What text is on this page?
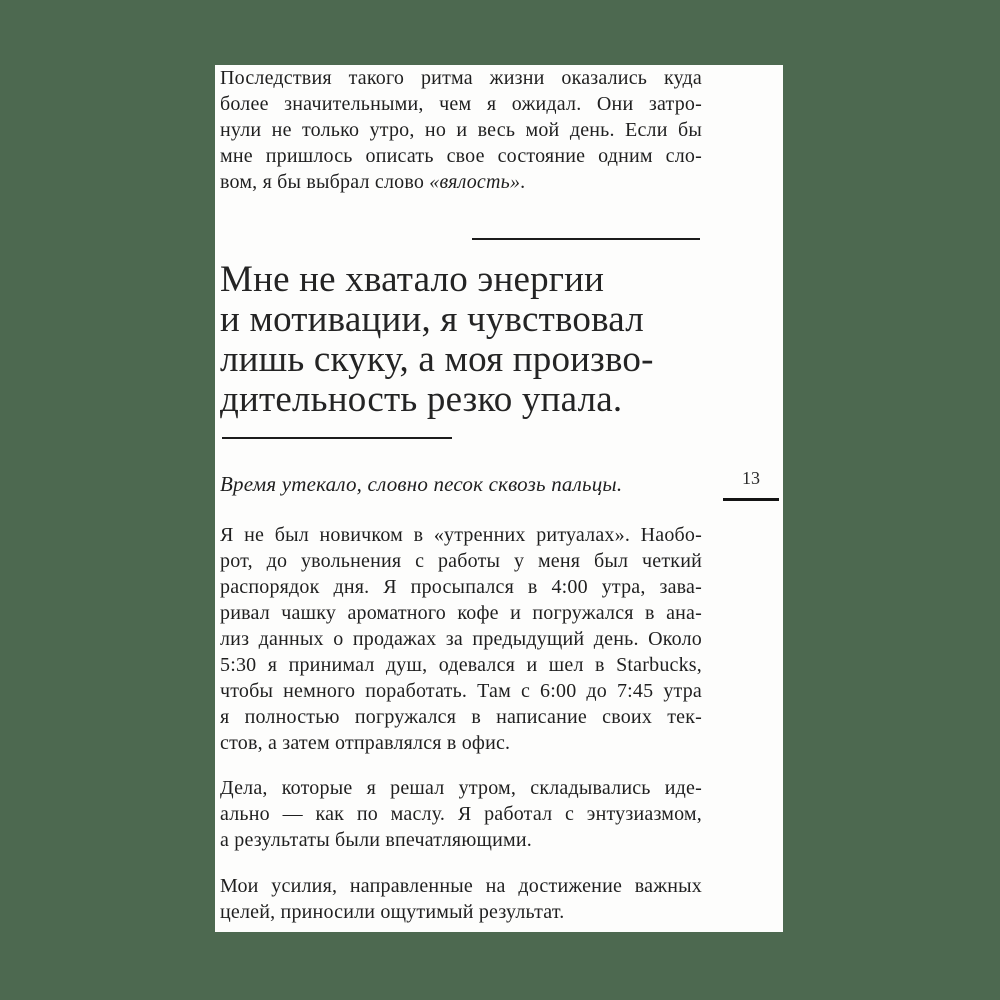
Последствия такого ритма жизни оказались куда
более значительными, чем я ожидал. Они затро-
нули не только утро, но и весь мой день. Если бы
мне пришлось описать свое состояние одним сло-
вом, я бы выбрал слово «вялость».
Мне не хватало энергии
и мотивации, я чувствовал
лишь скуку, а моя произво-
дительность резко упала.
Время утекало, словно песок сквозь пальцы.
Я не был новичком в «утренних ритуалах». Наобо-
рот, до увольнения с работы у меня был четкий
распорядок дня. Я просыпался в 4:00 утра, зава-
ривал чашку ароматного кофе и погружался в ана-
лиз данных о продажах за предыдущий день. Около
5:30 я принимал душ, одевался и шел в Starbucks,
чтобы немного поработать. Там с 6:00 до 7:45 утра
я полностью погружался в написание своих тек-
стов, а затем отправлялся в офис.
Дела, которые я решал утром, складывались иде-
ально — как по маслу. Я работал с энтузиазмом,
а результаты были впечатляющими.
Мои усилия, направленные на достижение важных
целей, приносили ощутимый результат.
13
